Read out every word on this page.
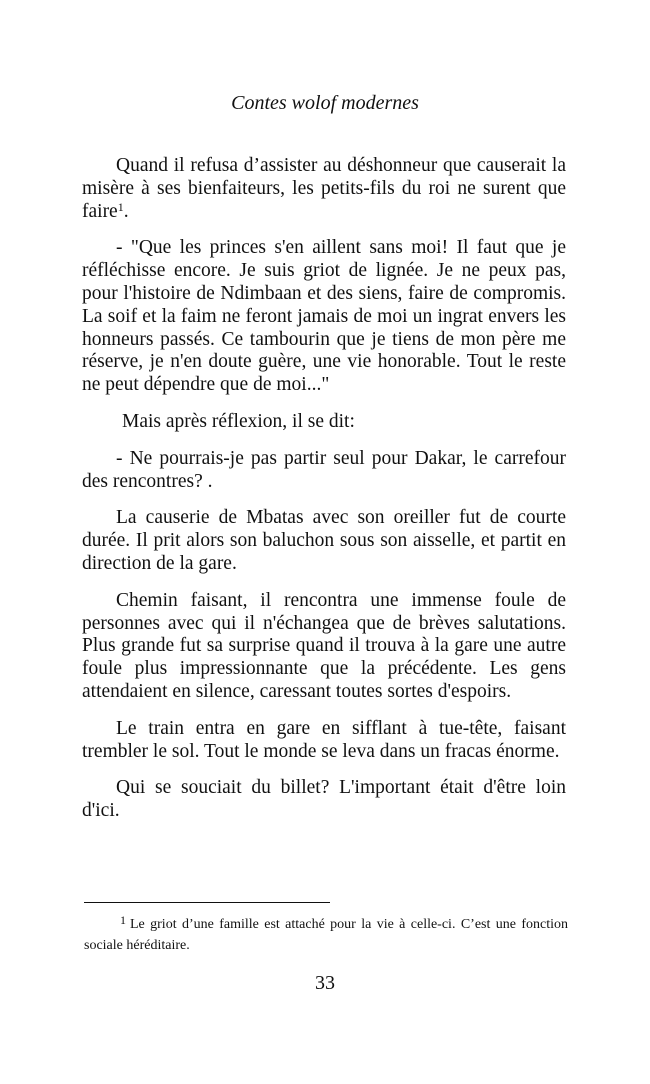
Contes wolof modernes

Quand il refusa d’assister au déshonneur que causerait la misère à ses bienfaiteurs, les petits-fils du roi ne surent que faire$^1$.

- "Que les princes s'en aillent sans moi! Il faut que je réfléchisse encore. Je suis griot de lignée. Je ne peux pas, pour l'histoire de Ndimbaan et des siens, faire de compromis. La soif et la faim ne feront jamais de moi un ingrat envers les honneurs passés. Ce tambourin que je tiens de mon père me réserve, je n'en doute guère, une vie honorable. Tout le reste ne peut dépendre que de moi..."

Mais après réflexion, il se dit:

- Ne pourrais-je pas partir seul pour Dakar, le carrefour des rencontres? .

La causerie de Mbatas avec son oreiller fut de courte durée. Il prit alors son baluchon sous son aisselle, et partit en direction de la gare.

Chemin faisant, il rencontra une immense foule de personnes avec qui il n'échangea que de brèves salutations. Plus grande fut sa surprise quand il trouva à la gare une autre foule plus impressionnante que la précédente. Les gens attendaient en silence, caressant toutes sortes d'espoirs.

Le train entra en gare en sifflant à tue-tête, faisant trembler le sol. Tout le monde se leva dans un fracas énorme.

Qui se souciait du billet? L'important était d'être loin d'ici.

$^1$ Le griot d’une famille est attaché pour la vie à celle-ci. C’est une fonction sociale héréditaire.
33
